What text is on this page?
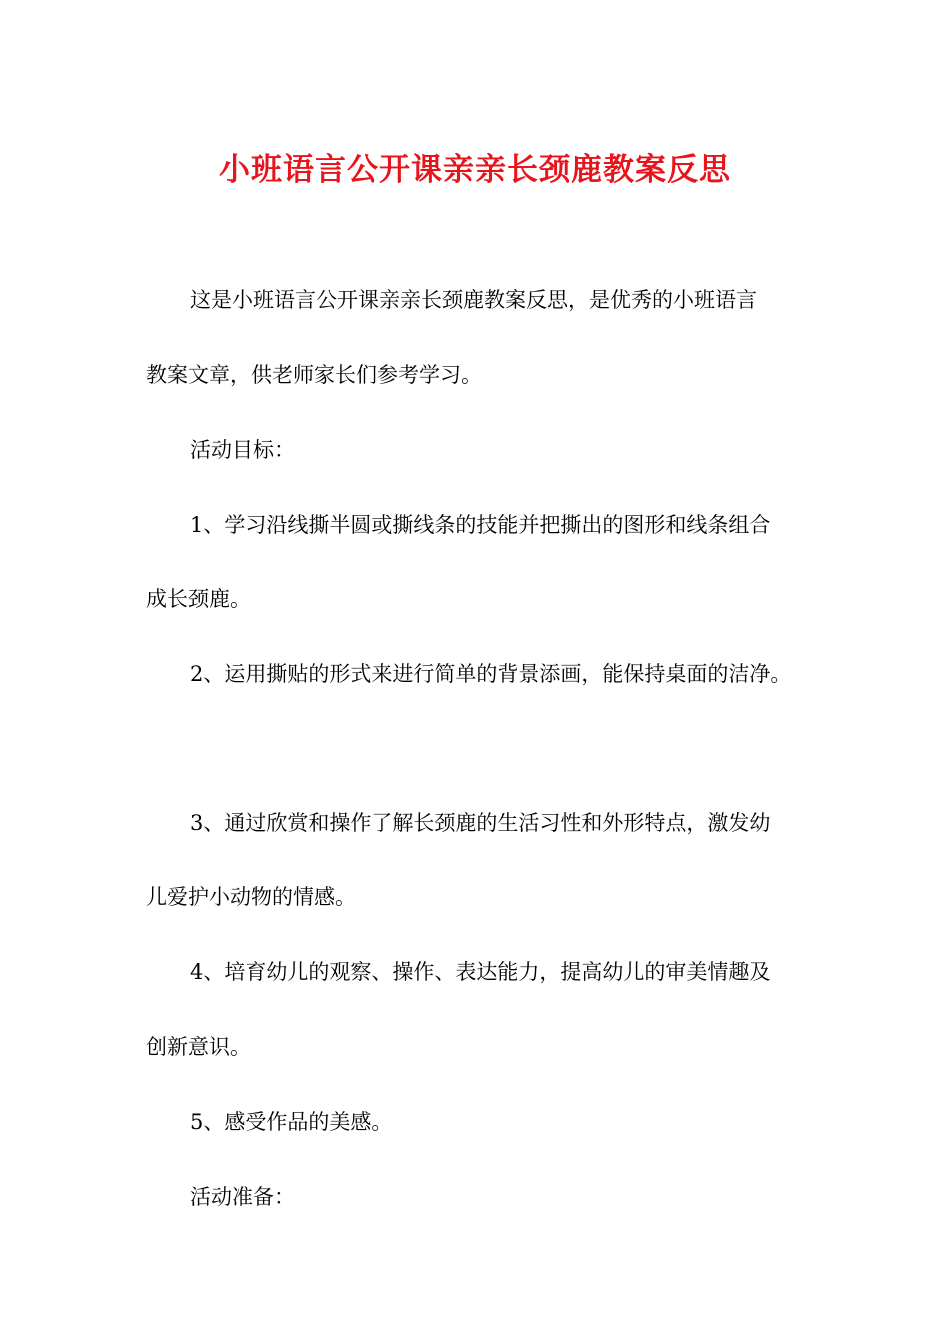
小班语言公开课亲亲长颈鹿教案反思

这是小班语言公开课亲亲长颈鹿教案反思，是优秀的小班语言

教案文章，供老师家长们参考学习。

活动目标：

1、学习沿线撕半圆或撕线条的技能并把撕出的图形和线条组合

成长颈鹿。

2、运用撕贴的形式来进行简单的背景添画，能保持桌面的洁净。

3、通过欣赏和操作了解长颈鹿的生活习性和外形特点，激发幼

儿爱护小动物的情感。

4、培育幼儿的观察、操作、表达能力，提高幼儿的审美情趣及

创新意识。

5、感受作品的美感。

活动准备：
